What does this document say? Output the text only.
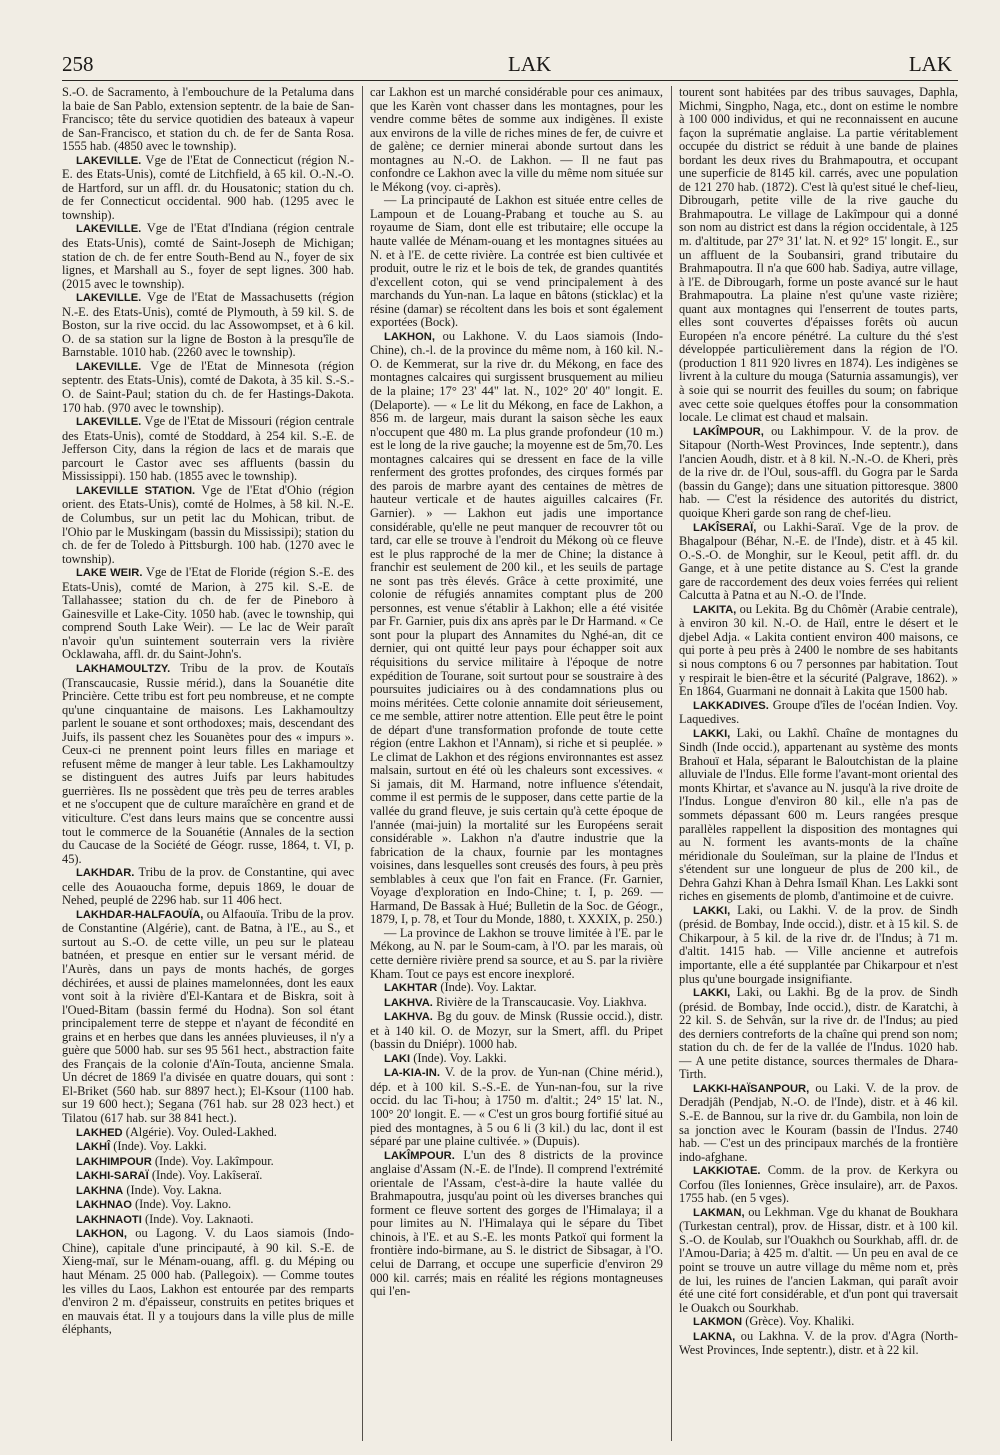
258	LAK	LAK

S.-O. de Sacramento, à l'embouchure de la Petaluma dans la baie de San Pablo, extension septentr. de la baie de San-Francisco; tête du service quotidien des bateaux à vapeur de San-Francisco, et station du ch. de fer de Santa Rosa. 1555 hab. (4850 avec le township).

LAKEVILLE. Vge de l'Etat de Connecticut (région N.-E. des Etats-Unis), comté de Litchfield, à 65 kil. O.-N.-O. de Hartford, sur un affl. dr. du Housatonic; station du ch. de fer Connecticut occidental. 900 hab. (1295 avec le township).

LAKEVILLE. Vge de l'Etat d'Indiana (région centrale des Etats-Unis), comté de Saint-Joseph de Michigan; station de ch. de fer entre South-Bend au N., foyer de six lignes, et Marshall au S., foyer de sept lignes. 300 hab. (2015 avec le township).

LAKEVILLE. Vge de l'Etat de Massachusetts (région N.-E. des Etats-Unis), comté de Plymouth, à 59 kil. S. de Boston, sur la rive occid. du lac Assowompset, et à 6 kil. O. de sa station sur la ligne de Boston à la presqu'île de Barnstable. 1010 hab. (2260 avec le township).

LAKEVILLE. Vge de l'Etat de Minnesota (région septentr. des Etats-Unis), comté de Dakota, à 35 kil. S.-S.-O. de Saint-Paul; station du ch. de fer Hastings-Dakota. 170 hab. (970 avec le township).

LAKEVILLE. Vge de l'Etat de Missouri (région centrale des Etats-Unis), comté de Stoddard, à 254 kil. S.-E. de Jefferson City, dans la région de lacs et de marais que parcourt le Castor avec ses affluents (bassin du Mississippi). 150 hab. (1855 avec le township).

LAKEVILLE STATION. Vge de l'Etat d'Ohio (région orient. des Etats-Unis), comté de Holmes, à 58 kil. N.-E. de Columbus, sur un petit lac du Mohican, tribut. de l'Ohio par le Muskingam (bassin du Mississipi); station du ch. de fer de Toledo à Pittsburgh. 100 hab. (1270 avec le township).

LAKE WEIR. Vge de l'Etat de Floride (région S.-E. des Etats-Unis), comté de Marion, à 275 kil. S.-E. de Tallahassee; station du ch. de fer de Pineboro à Gainesville et Lake-City. 1050 hab. (avec le township, qui comprend South Lake Weir). — Le lac de Weir paraît n'avoir qu'un suintement souterrain vers la rivière Ocklawaha, affl. dr. du Saint-John's.

LAKHAMOULTZY. Tribu de la prov. de Koutaïs (Transcaucasie, Russie mérid.), dans la Souanétie dite Princière. Cette tribu est fort peu nombreuse, et ne compte qu'une cinquantaine de maisons. Les Lakhamoultzy parlent le souane et sont orthodoxes; mais, descendant des Juifs, ils passent chez les Souanètes pour des « impurs ». Ceux-ci ne prennent point leurs filles en mariage et refusent même de manger à leur table. Les Lakhamoultzy se distinguent des autres Juifs par leurs habitudes guerrières. Ils ne possèdent que très peu de terres arables et ne s'occupent que de culture maraîchère en grand et de viticulture. C'est dans leurs mains que se concentre aussi tout le commerce de la Souanétie (Annales de la section du Caucase de la Société de Géogr. russe, 1864, t. VI, p. 45).

LAKHDAR. Tribu de la prov. de Constantine, qui avec celle des Aouaoucha forme, depuis 1869, le douar de Nehed, peuplé de 2296 hab. sur 11 406 hect.

LAKHDAR-HALFAOUÏA, ou Alfaouïa. Tribu de la prov. de Constantine (Algérie), cant. de Batna, à l'E., au S., et surtout au S.-O. de cette ville, un peu sur le plateau batnéen, et presque en entier sur le versant mérid. de l'Aurès, dans un pays de monts hachés, de gorges déchirées, et aussi de plaines mamelonnées, dont les eaux vont soit à la rivière d'El-Kantara et de Biskra, soit à l'Oued-Bitam (bassin fermé du Hodna). Son sol étant principalement terre de steppe et n'ayant de fécondité en grains et en herbes que dans les années pluvieuses, il n'y a guère que 5000 hab. sur ses 95 561 hect., abstraction faite des Français de la colonie d'Aïn-Touta, ancienne Smala. Un décret de 1869 l'a divisée en quatre douars, qui sont : El-Briket (560 hab. sur 8897 hect.); El-Ksour (1100 hab. sur 19 600 hect.); Segana (761 hab. sur 28 023 hect.) et Tilatou (617 hab. sur 38 841 hect.).

LAKHED (Algérie). Voy. Ouled-Lakhed.

LAKHÎ (Inde). Voy. Lakki.

LAKHIMPOUR (Inde). Voy. Lakîmpour.

LAKHI-SARAÏ (Inde). Voy. Lakîseraï.

LAKHNA (Inde). Voy. Lakna.

LAKHNAO (Inde). Voy. Lakno.

LAKHNAOTI (Inde). Voy. Laknaoti.

LAKHON, ou Lagong. V. du Laos siamois (Indo-Chine), capitale d'une principauté, à 90 kil. S.-E. de Xieng-maï, sur le Ménam-ouang, affl. g. du Méping ou haut Ménam. 25 000 hab. (Pallegoix). — Comme toutes les villes du Laos, Lakhon est entourée par des remparts d'environ 2 m. d'épaisseur, construits en petites briques et en mauvais état. Il y a toujours dans la ville plus de mille éléphants,

car Lakhon est un marché considérable pour ces animaux, que les Karèn vont chasser dans les montagnes, pour les vendre comme bêtes de somme aux indigènes. Il existe aux environs de la ville de riches mines de fer, de cuivre et de galène; ce dernier minerai abonde surtout dans les montagnes au N.-O. de Lakhon. — Il ne faut pas confondre ce Lakhon avec la ville du même nom située sur le Mékong (voy. ci-après).

— La principauté de Lakhon est située entre celles de Lampoun et de Louang-Prabang et touche au S. au royaume de Siam, dont elle est tributaire; elle occupe la haute vallée de Ménam-ouang et les montagnes situées au N. et à l'E. de cette rivière. La contrée est bien cultivée et produit, outre le riz et le bois de tek, de grandes quantités d'excellent coton, qui se vend principalement à des marchands du Yun-nan. La laque en bâtons (sticklac) et la résine (damar) se récoltent dans les bois et sont également exportées (Bock).

LAKHON, ou Lakhone. V. du Laos siamois (Indo-Chine), ch.-l. de la province du même nom, à 160 kil. N.-O. de Kemmerat, sur la rive dr. du Mékong, en face des montagnes calcaires qui surgissent brusquement au milieu de la plaine; 17° 23' 44" lat. N., 102° 20' 40" longit. E. (Delaporte). — « Le lit du Mékong, en face de Lakhon, a 856 m. de largeur, mais durant la saison sèche les eaux n'occupent que 480 m. La plus grande profondeur (10 m.) est le long de la rive gauche; la moyenne est de 5m,70. Les montagnes calcaires qui se dressent en face de la ville renferment des grottes profondes, des cirques formés par des parois de marbre ayant des centaines de mètres de hauteur verticale et de hautes aiguilles calcaires (Fr. Garnier). » — Lakhon eut jadis une importance considérable, qu'elle ne peut manquer de recouvrer tôt ou tard, car elle se trouve à l'endroit du Mékong où ce fleuve est le plus rapproché de la mer de Chine; la distance à franchir est seulement de 200 kil., et les seuils de partage ne sont pas très élevés. Grâce à cette proximité, une colonie de réfugiés annamites comptant plus de 200 personnes, est venue s'établir à Lakhon; elle a été visitée par Fr. Garnier, puis dix ans après par le Dr Harmand. « Ce sont pour la plupart des Annamites du Nghé-an, dit ce dernier, qui ont quitté leur pays pour échapper soit aux réquisitions du service militaire à l'époque de notre expédition de Tourane, soit surtout pour se soustraire à des poursuites judiciaires ou à des condamnations plus ou moins méritées. Cette colonie annamite doit sérieusement, ce me semble, attirer notre attention. Elle peut être le point de départ d'une transformation profonde de toute cette région (entre Lakhon et l'Annam), si riche et si peuplée. » Le climat de Lakhon et des régions environnantes est assez malsain, surtout en été où les chaleurs sont excessives. « Si jamais, dit M. Harmand, notre influence s'étendait, comme il est permis de le supposer, dans cette partie de la vallée du grand fleuve, je suis certain qu'à cette époque de l'année (mai-juin) la mortalité sur les Européens serait considérable ». Lakhon n'a d'autre industrie que la fabrication de la chaux, fournie par les montagnes voisines, dans lesquelles sont creusés des fours, à peu près semblables à ceux que l'on fait en France. (Fr. Garnier, Voyage d'exploration en Indo-Chine; t. I, p. 269. — Harmand, De Bassak à Hué; Bulletin de la Soc. de Géogr., 1879, I, p. 78, et Tour du Monde, 1880, t. XXXIX, p. 250.)

— La province de Lakhon se trouve limitée à l'E. par le Mékong, au N. par le Soum-cam, à l'O. par les marais, où cette dernière rivière prend sa source, et au S. par la rivière Kham. Tout ce pays est encore inexploré.

LAKHTAR (Inde). Voy. Laktar.

LAKHVA. Rivière de la Transcaucasie. Voy. Liakhva.

LAKHVA. Bg du gouv. de Minsk (Russie occid.), distr. et à 140 kil. O. de Mozyr, sur la Smert, affl. du Pripet (bassin du Dniépr). 1000 hab.

LAKI (Inde). Voy. Lakki.

LA-KIA-IN. V. de la prov. de Yun-nan (Chine mérid.), dép. et à 100 kil. S.-S.-E. de Yun-nan-fou, sur la rive occid. du lac Ti-hou; à 1750 m. d'altit.; 24° 15' lat. N., 100° 20' longit. E. — « C'est un gros bourg fortifié situé au pied des montagnes, à 5 ou 6 li (3 kil.) du lac, dont il est séparé par une plaine cultivée. » (Dupuis).

LAKÎMPOUR. L'un des 8 districts de la province anglaise d'Assam (N.-E. de l'Inde). Il comprend l'extrémité orientale de l'Assam, c'est-à-dire la haute vallée du Brahmapoutra, jusqu'au point où les diverses branches qui forment ce fleuve sortent des gorges de l'Himalaya; il a pour limites au N. l'Himalaya qui le sépare du Tibet chinois, à l'E. et au S.-E. les monts Patkoï qui forment la frontière indo-birmane, au S. le district de Sibsagar, à l'O. celui de Darrang, et occupe une superficie d'environ 29 000 kil. carrés; mais en réalité les régions montagneuses qui l'en-

tourent sont habitées par des tribus sauvages, Daphla, Michmi, Singpho, Naga, etc., dont on estime le nombre à 100 000 individus, et qui ne reconnaissent en aucune façon la suprématie anglaise. La partie véritablement occupée du district se réduit à une bande de plaines bordant les deux rives du Brahmapoutra, et occupant une superficie de 8145 kil. carrés, avec une population de 121 270 hab. (1872). C'est là qu'est situé le chef-lieu, Dibrougarh, petite ville de la rive gauche du Brahmapoutra. Le village de Lakîmpour qui a donné son nom au district est dans la région occidentale, à 125 m. d'altitude, par 27° 31' lat. N. et 92° 15' longit. E., sur un affluent de la Soubansiri, grand tributaire du Brahmapoutra. Il n'a que 600 hab. Sadiya, autre village, à l'E. de Dibrougarh, forme un poste avancé sur le haut Brahmapoutra. La plaine n'est qu'une vaste rizière; quant aux montagnes qui l'enserrent de toutes parts, elles sont couvertes d'épaisses forêts où aucun Européen n'a encore pénétré. La culture du thé s'est développée particulièrement dans la région de l'O. (production 1 811 920 livres en 1874). Les indigènes se livrent à la culture du mouga (Saturnia assamungis), ver à soie qui se nourrit des feuilles du soum; on fabrique avec cette soie quelques étoffes pour la consommation locale. Le climat est chaud et malsain.

LAKÎMPOUR, ou Lakhimpour. V. de la prov. de Sitapour (North-West Provinces, Inde septentr.), dans l'ancien Aoudh, distr. et à 8 kil. N.-N.-O. de Kheri, près de la rive dr. de l'Oul, sous-affl. du Gogra par le Sarda (bassin du Gange); dans une situation pittoresque. 3800 hab. — C'est la résidence des autorités du district, quoique Kheri garde son rang de chef-lieu.

LAKÎSERAÏ, ou Lakhi-Saraï. Vge de la prov. de Bhagalpour (Béhar, N.-E. de l'Inde), distr. et à 45 kil. O.-S.-O. de Monghir, sur le Keoul, petit affl. dr. du Gange, et à une petite distance au S. C'est la grande gare de raccordement des deux voies ferrées qui relient Calcutta à Patna et au N.-O. de l'Inde.

LAKITA, ou Lekita. Bg du Chômèr (Arabie centrale), à environ 30 kil. N.-O. de Haïl, entre le désert et le djebel Adja. « Lakita contient environ 400 maisons, ce qui porte à peu près à 2400 le nombre de ses habitants si nous comptons 6 ou 7 personnes par habitation. Tout y respirait le bien-être et la sécurité (Palgrave, 1862). » En 1864, Guarmani ne donnait à Lakita que 1500 hab.

LAKKADIVES. Groupe d'îles de l'océan Indien. Voy. Laquedives.

LAKKI, Laki, ou Lakhî. Chaîne de montagnes du Sindh (Inde occid.), appartenant au système des monts Brahouï et Hala, séparant le Baloutchistan de la plaine alluviale de l'Indus. Elle forme l'avant-mont oriental des monts Khirtar, et s'avance au N. jusqu'à la rive droite de l'Indus. Longue d'environ 80 kil., elle n'a pas de sommets dépassant 600 m. Leurs rangées presque parallèles rappellent la disposition des montagnes qui au N. forment les avants-monts de la chaîne méridionale du Souleïman, sur la plaine de l'Indus et s'étendent sur une longueur de plus de 200 kil., de Dehra Gahzi Khan à Dehra Ismaïl Khan. Les Lakki sont riches en gisements de plomb, d'antimoine et de cuivre.

LAKKI, Laki, ou Lakhi. V. de la prov. de Sindh (présid. de Bombay, Inde occid.), distr. et à 15 kil. S. de Chikarpour, à 5 kil. de la rive dr. de l'Indus; à 71 m. d'altit. 1415 hab. — Ville ancienne et autrefois importante, elle a été supplantée par Chikarpour et n'est plus qu'une bourgade insignifiante.

LAKKI, Laki, ou Lakhi. Bg de la prov. de Sindh (présid. de Bombay, Inde occid.), distr. de Karatchi, à 22 kil. S. de Sehvân, sur la rive dr. de l'Indus; au pied des derniers contreforts de la chaîne qui prend son nom; station du ch. de fer de la vallée de l'Indus. 1020 hab. — A une petite distance, sources thermales de Dhara-Tirth.

LAKKI-HAÏSANPOUR, ou Laki. V. de la prov. de Deradjâh (Pendjab, N.-O. de l'Inde), distr. et à 46 kil. S.-E. de Bannou, sur la rive dr. du Gambila, non loin de sa jonction avec le Kouram (bassin de l'Indus. 2740 hab. — C'est un des principaux marchés de la frontière indo-afghane.

LAKKIOTAE. Comm. de la prov. de Kerkyra ou Corfou (îles Ioniennes, Grèce insulaire), arr. de Paxos. 1755 hab. (en 5 vges).

LAKMAN, ou Lekhman. Vge du khanat de Boukhara (Turkestan central), prov. de Hissar, distr. et à 100 kil. S.-O. de Koulab, sur l'Ouakhch ou Sourkhab, affl. dr. de l'Amou-Daria; à 425 m. d'altit. — Un peu en aval de ce point se trouve un autre village du même nom et, près de lui, les ruines de l'ancien Lakman, qui paraît avoir été une cité fort considérable, et d'un pont qui traversait le Ouakch ou Sourkhab.

LAKMON (Grèce). Voy. Khaliki.

LAKNA, ou Lakhna. V. de la prov. d'Agra (North-West Provinces, Inde septentr.), distr. et à 22 kil.
